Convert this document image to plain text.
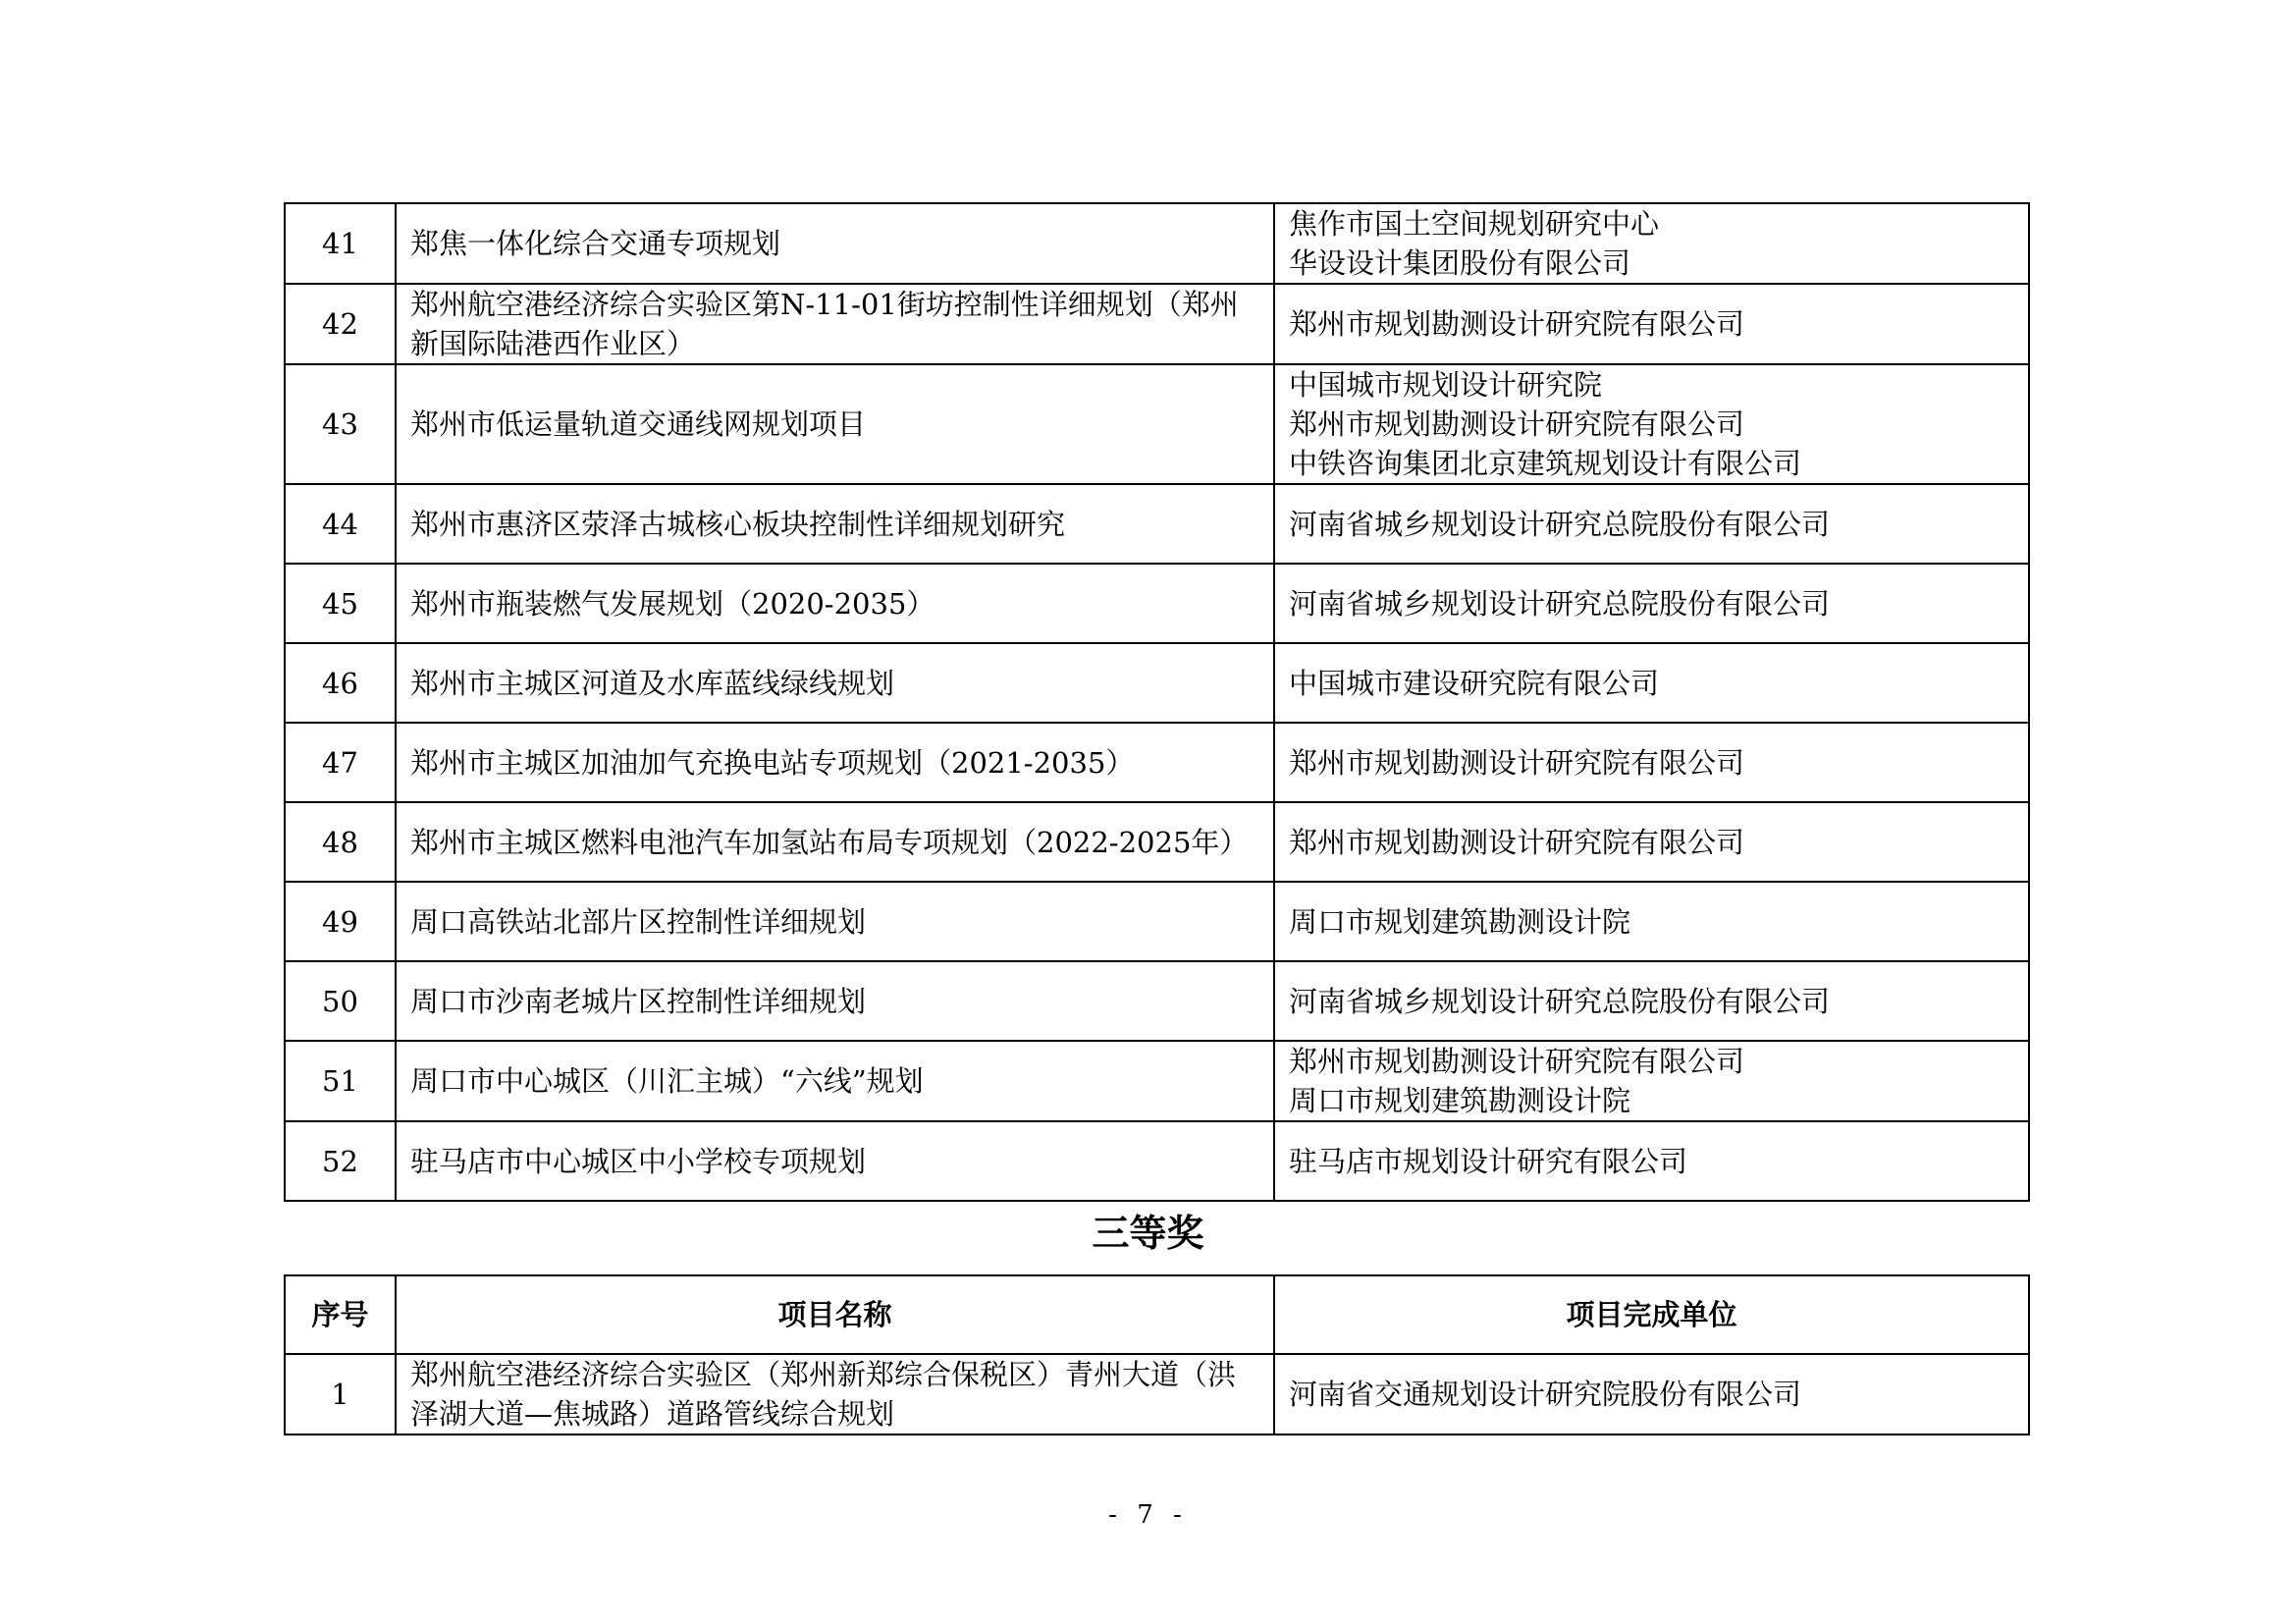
41	郑焦一体化综合交通专项规划	焦作市国土空间规划研究中心
华设设计集团股份有限公司

42	郑州航空港经济综合实验区第N-11-01街坊控制性详细规划（郑州新国际陆港西作业区）	郑州市规划勘测设计研究院有限公司

43	郑州市低运量轨道交通线网规划项目	中国城市规划设计研究院
郑州市规划勘测设计研究院有限公司
中铁咨询集团北京建筑规划设计有限公司

44	郑州市惠济区荥泽古城核心板块控制性详细规划研究	河南省城乡规划设计研究总院股份有限公司

45	郑州市瓶装燃气发展规划（2020-2035）	河南省城乡规划设计研究总院股份有限公司

46	郑州市主城区河道及水库蓝线绿线规划	中国城市建设研究院有限公司

47	郑州市主城区加油加气充换电站专项规划（2021-2035）	郑州市规划勘测设计研究院有限公司

48	郑州市主城区燃料电池汽车加氢站布局专项规划（2022-2025年）	郑州市规划勘测设计研究院有限公司

49	周口高铁站北部片区控制性详细规划	周口市规划建筑勘测设计院

50	周口市沙南老城片区控制性详细规划	河南省城乡规划设计研究总院股份有限公司

51	周口市中心城区（川汇主城）“六线”规划	郑州市规划勘测设计研究院有限公司
周口市规划建筑勘测设计院

52	驻马店市中心城区中小学校专项规划	驻马店市规划设计研究有限公司
三等奖
序号	项目名称	项目完成单位
1	郑州航空港经济综合实验区（郑州新郑综合保税区）青州大道（洪泽湖大道—焦城路）道路管线综合规划	河南省交通规划设计研究院股份有限公司
- 7 -
